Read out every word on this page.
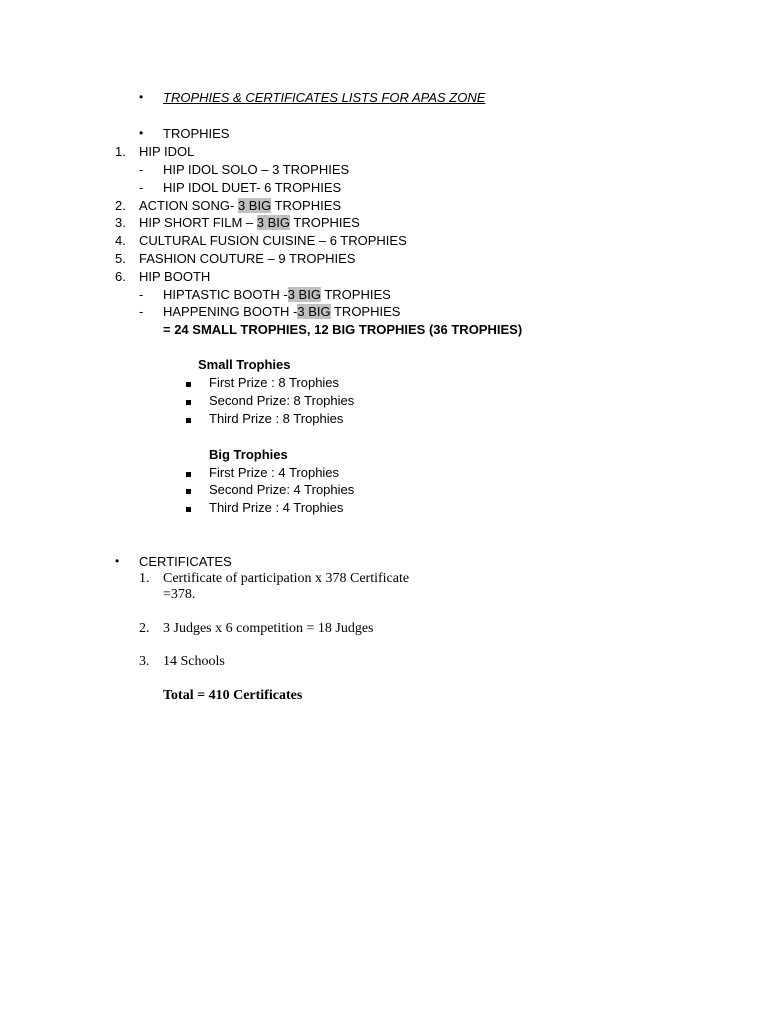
• TROPHIES & CERTIFICATES LISTS FOR APAS ZONE
• TROPHIES
1. HIP IDOL
- HIP IDOL SOLO – 3 TROPHIES
- HIP IDOL DUET- 6 TROPHIES
2. ACTION SONG- 3 BIG TROPHIES
3. HIP SHORT FILM – 3 BIG TROPHIES
4. CULTURAL FUSION CUISINE – 6 TROPHIES
5. FASHION COUTURE – 9 TROPHIES
6. HIP BOOTH
- HIPTASTIC BOOTH -3 BIG TROPHIES
- HAPPENING BOOTH -3 BIG TROPHIES
= 24 SMALL TROPHIES, 12 BIG TROPHIES (36 TROPHIES)
Small Trophies
First Prize : 8 Trophies
Second Prize: 8 Trophies
Third Prize : 8 Trophies
Big Trophies
First Prize : 4 Trophies
Second Prize: 4 Trophies
Third Prize : 4 Trophies
• CERTIFICATES
1. Certificate of participation x 378 Certificate
=378.
2. 3 Judges x 6 competition = 18 Judges
3. 14 Schools
Total = 410 Certificates
